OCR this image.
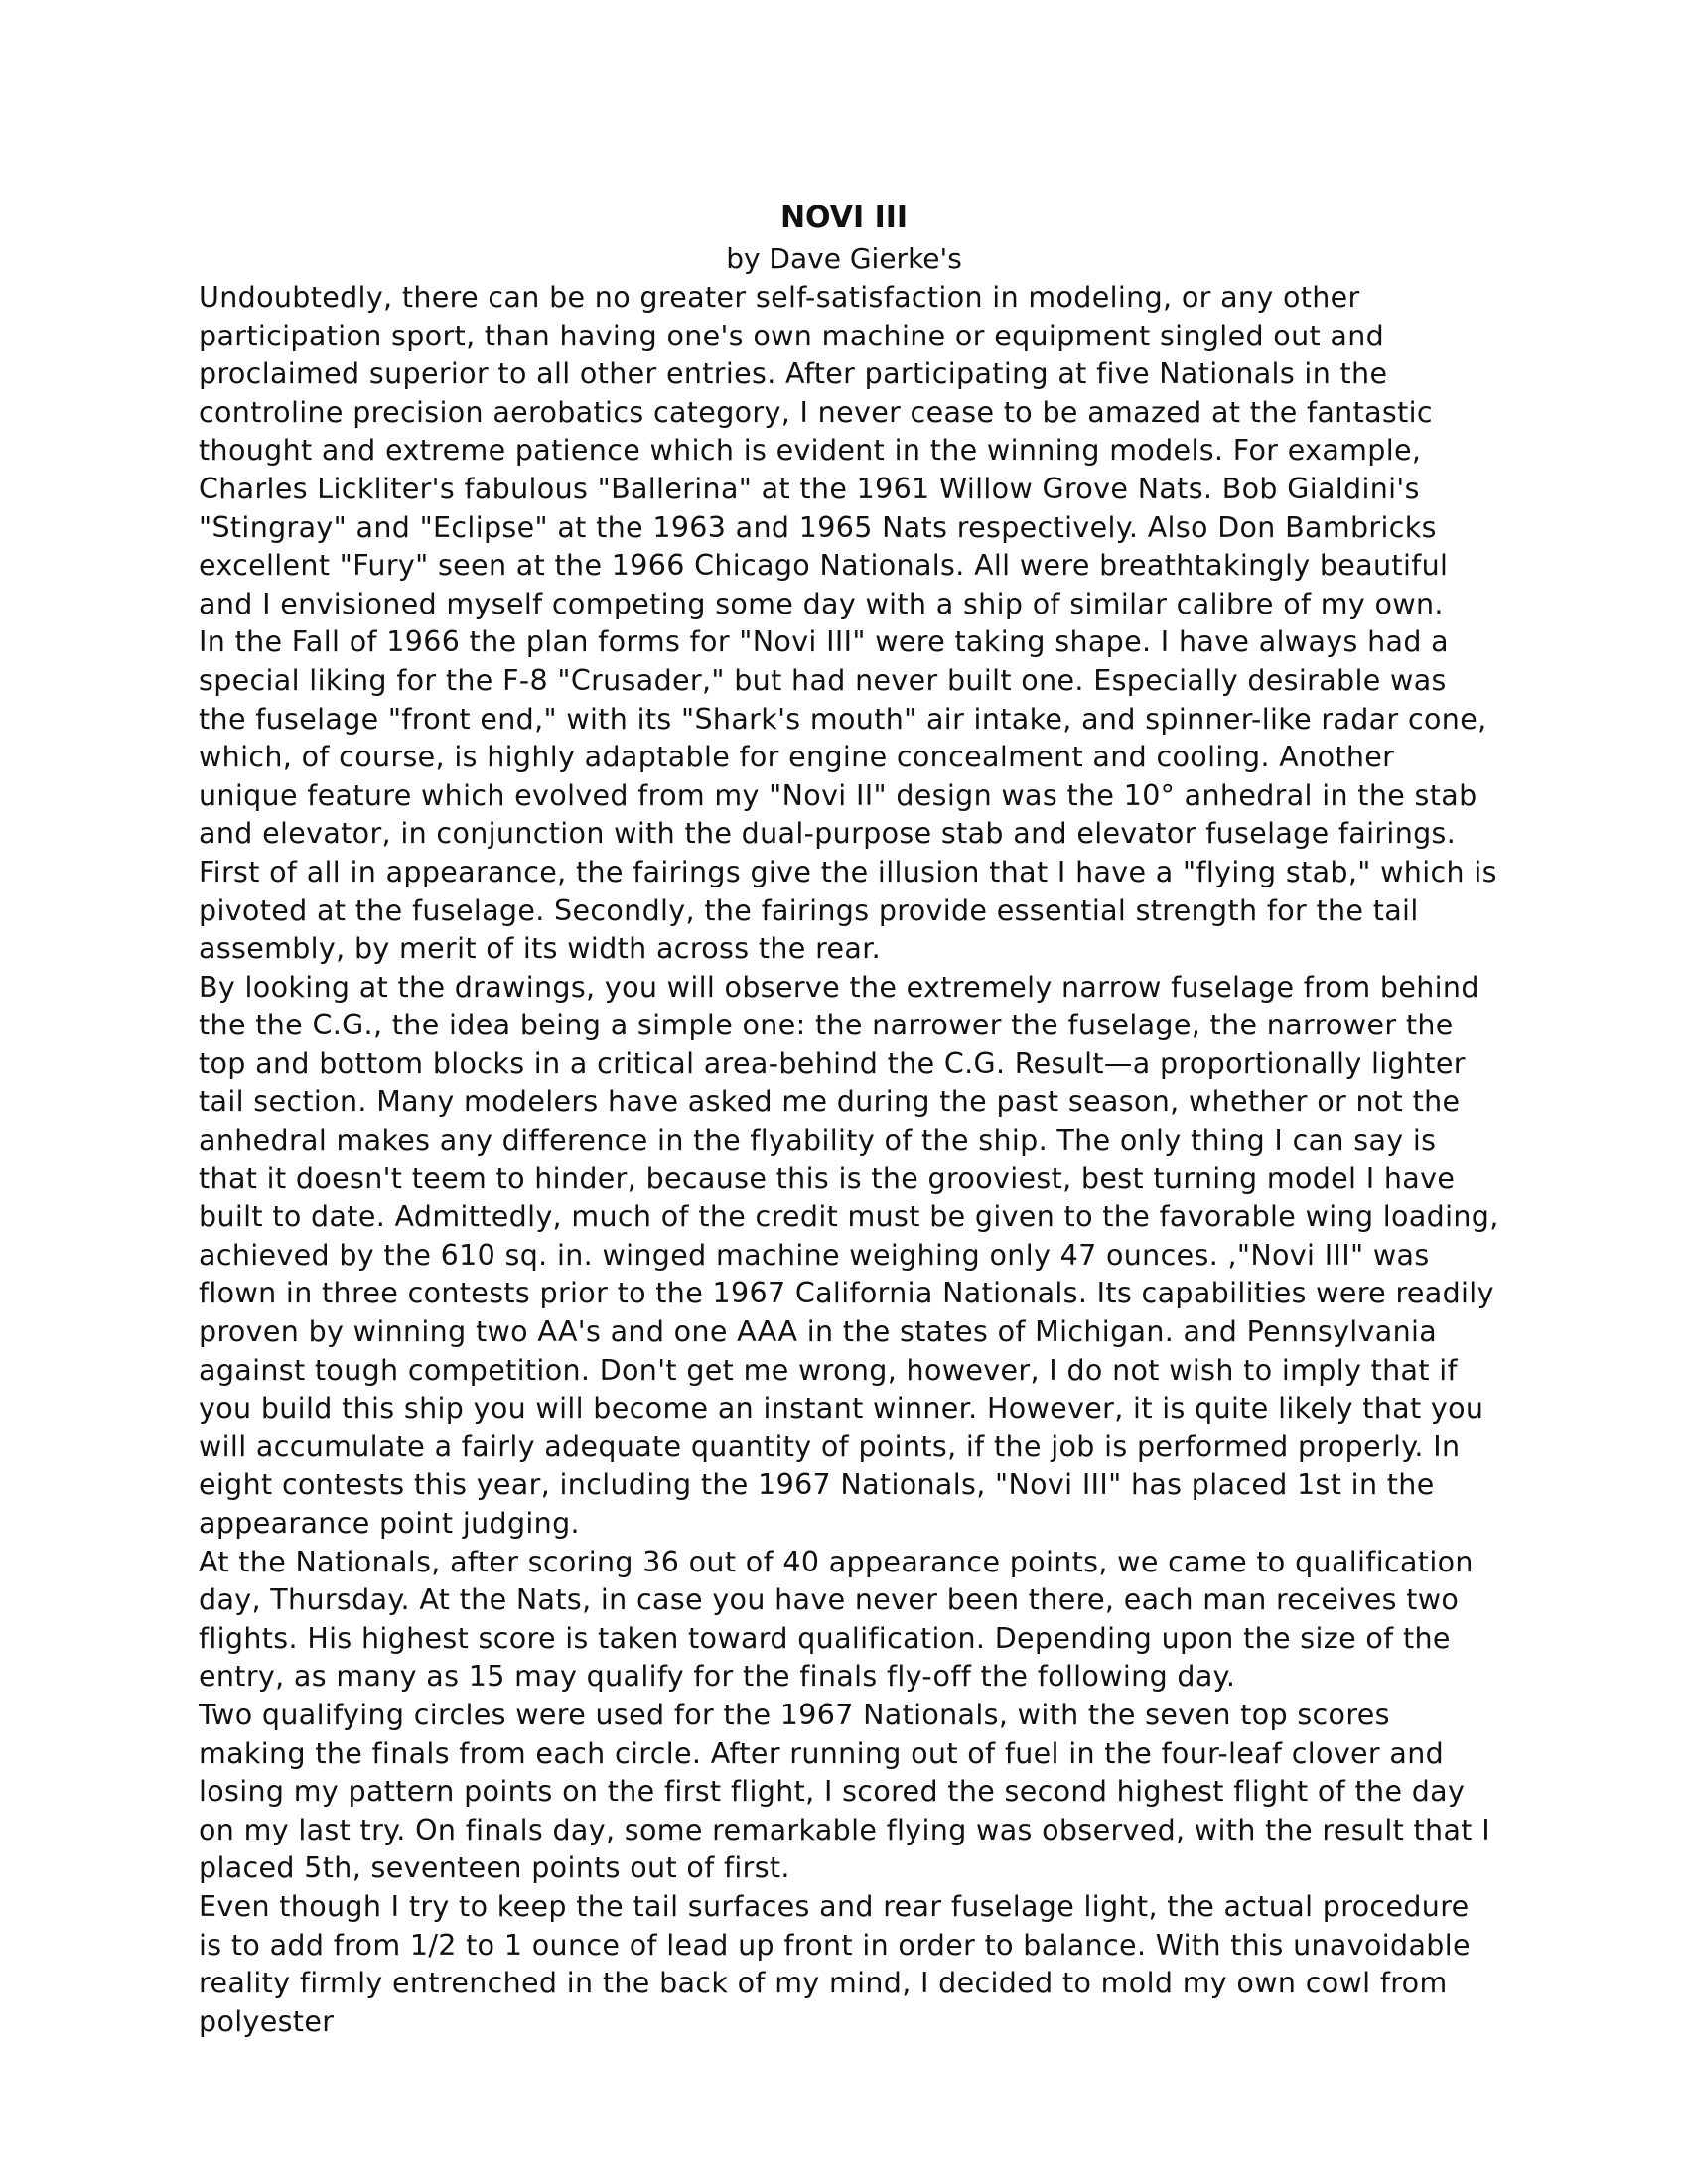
NOVI III
by Dave Gierke's

Undoubtedly, there can be no greater self-satisfaction in modeling, or any other participation sport, than having one's own machine or equipment singled out and proclaimed superior to all other entries. After participating at five Nationals in the controline precision aerobatics category, I never cease to be amazed at the fantastic thought and extreme patience which is evident in the winning models. For example, Charles Lickliter's fabulous "Ballerina" at the 1961 Willow Grove Nats. Bob Gialdini's "Stingray" and "Eclipse" at the 1963 and 1965 Nats respectively. Also Don Bambricks excellent "Fury" seen at the 1966 Chicago Nationals. All were breathtakingly beautiful and I envisioned myself competing some day with a ship of similar calibre of my own.

In the Fall of 1966 the plan forms for "Novi III" were taking shape. I have always had a special liking for the F-8 "Crusader," but had never built one. Especially desirable was the fuselage "front end," with its "Shark's mouth" air intake, and spinner-like radar cone, which, of course, is highly adaptable for engine concealment and cooling. Another unique feature which evolved from my "Novi II" design was the 10° anhedral in the stab and elevator, in conjunction with the dual-purpose stab and elevator fuselage fairings. First of all in appearance, the fairings give the illusion that I have a "flying stab," which is pivoted at the fuselage. Secondly, the fairings provide essential strength for the tail assembly, by merit of its width across the rear.

By looking at the drawings, you will observe the extremely narrow fuselage from behind the the C.G., the idea being a simple one: the narrower the fuselage, the narrower the top and bottom blocks in a critical area-behind the C.G. Result—a proportionally lighter tail section. Many modelers have asked me during the past season, whether or not the anhedral makes any difference in the flyability of the ship. The only thing I can say is that it doesn't teem to hinder, because this is the grooviest, best turning model I have built to date. Admittedly, much of the credit must be given to the favorable wing loading, achieved by the 610 sq. in. winged machine weighing only 47 ounces. ,"Novi III" was flown in three contests prior to the 1967 California Nationals. Its capabilities were readily proven by winning two AA's and one AAA in the states of Michigan. and Pennsylvania against tough competition. Don't get me wrong, however, I do not wish to imply that if you build this ship you will become an instant winner. However, it is quite likely that you will accumulate a fairly adequate quantity of points, if the job is performed properly. In eight contests this year, including the 1967 Nationals, "Novi III" has placed 1st in the appearance point judging.

At the Nationals, after scoring 36 out of 40 appearance points, we came to qualification day, Thursday. At the Nats, in case you have never been there, each man receives two flights. His highest score is taken toward qualification. Depending upon the size of the entry, as many as 15 may qualify for the finals fly-off the following day.

Two qualifying circles were used for the 1967 Nationals, with the seven top scores making the finals from each circle. After running out of fuel in the four-leaf clover and losing my pattern points on the first flight, I scored the second highest flight of the day on my last try. On finals day, some remarkable flying was observed, with the result that I placed 5th, seventeen points out of first.

Even though I try to keep the tail surfaces and rear fuselage light, the actual procedure is to add from 1/2 to 1 ounce of lead up front in order to balance. With this unavoidable reality firmly entrenched in the back of my mind, I decided to mold my own cowl from polyester
